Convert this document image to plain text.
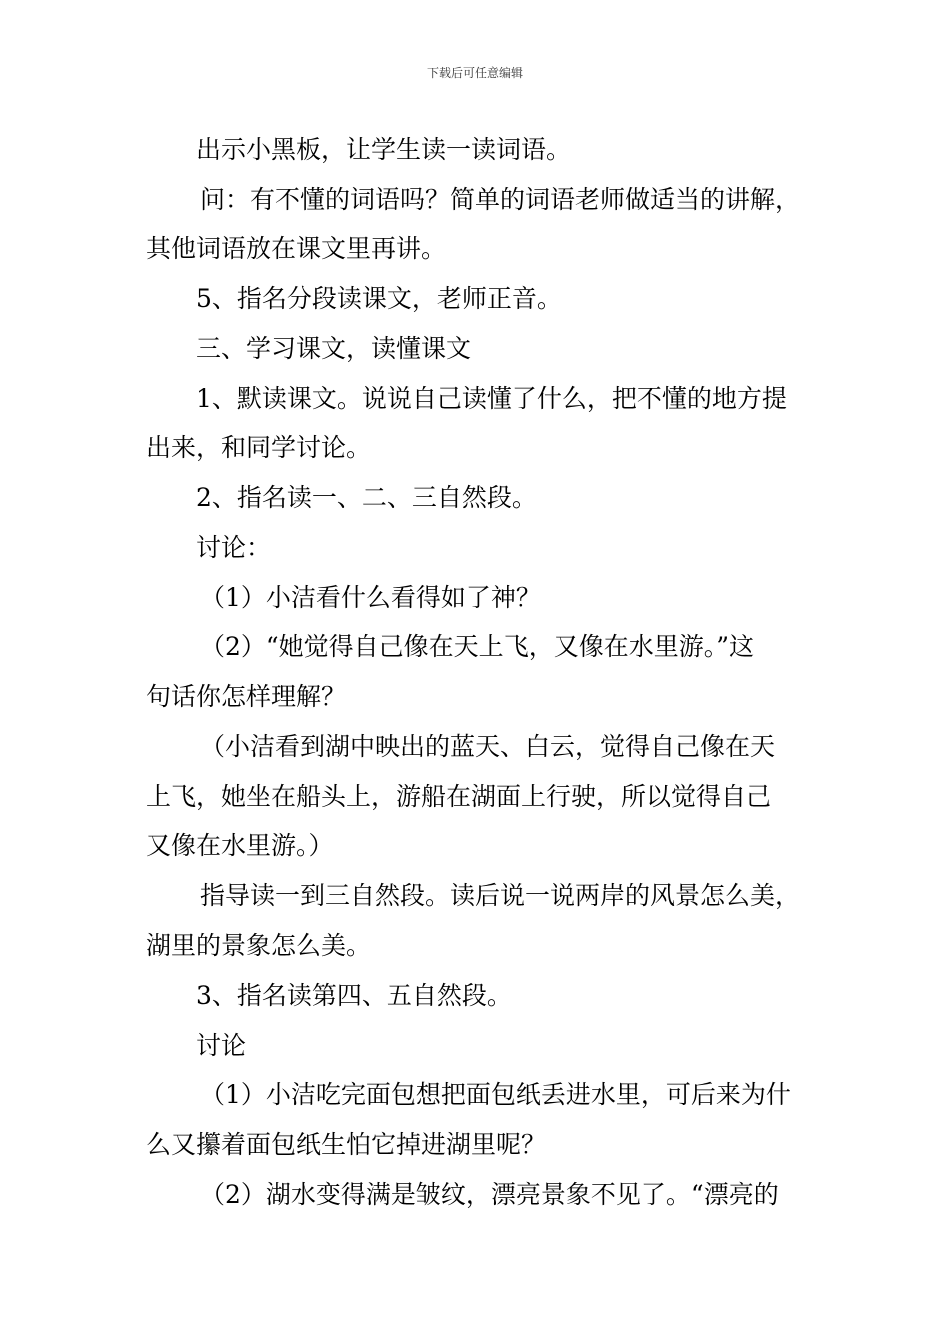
下载后可任意编辑
出示小黑板，让学生读一读词语。
问：有不懂的词语吗？简单的词语老师做适当的讲解，
其他词语放在课文里再讲。
5、指名分段读课文，老师正音。
三、学习课文，读懂课文
1、默读课文。说说自己读懂了什么，把不懂的地方提
出来，和同学讨论。
2、指名读一、二、三自然段。
讨论：
（1）小洁看什么看得如了神？
（2）“她觉得自己像在天上飞，又像在水里游。”这
句话你怎样理解？
（小洁看到湖中映出的蓝天、白云，觉得自己像在天
上飞，她坐在船头上，游船在湖面上行驶，所以觉得自己
又像在水里游。）
指导读一到三自然段。读后说一说两岸的风景怎么美，
湖里的景象怎么美。
3、指名读第四、五自然段。
讨论
（1）小洁吃完面包想把面包纸丢进水里，可后来为什
么又攥着面包纸生怕它掉进湖里呢？
（2）湖水变得满是皱纹，漂亮景象不见了。“漂亮的
